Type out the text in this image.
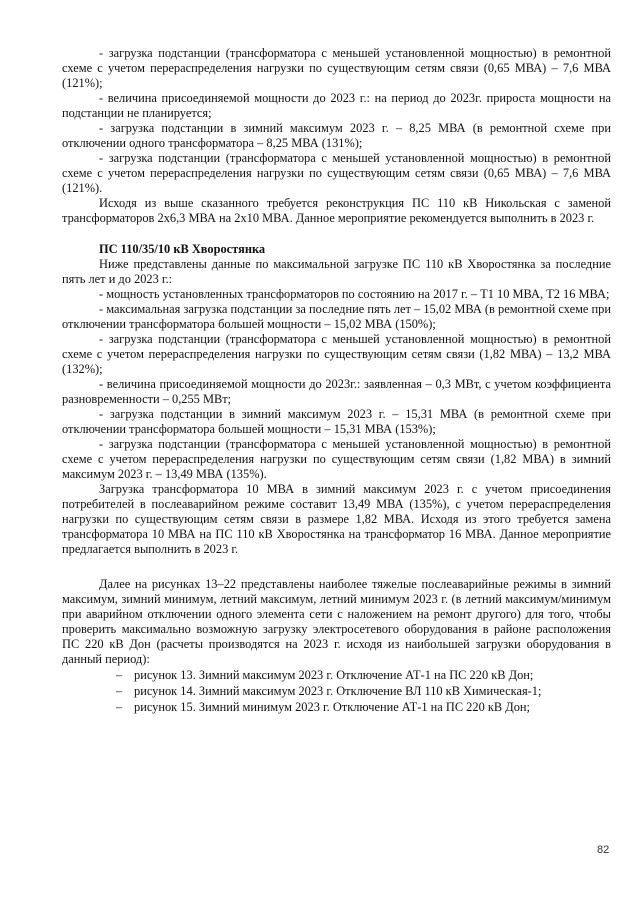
- загрузка подстанции (трансформатора с меньшей установленной мощностью) в ремонтной схеме с учетом перераспределения нагрузки по существующим сетям связи (0,65 МВА) – 7,6 МВА (121%);

- величина присоединяемой мощности до 2023 г.: на период до 2023г. прироста мощности на подстанции не планируется;

- загрузка подстанции в зимний максимум 2023 г. – 8,25 МВА (в ремонтной схеме при отключении одного трансформатора – 8,25 МВА (131%);

- загрузка подстанции (трансформатора с меньшей установленной мощностью) в ремонтной схеме с учетом перераспределения нагрузки по существующим сетям связи (0,65 МВА) – 7,6 МВА (121%).

Исходя из выше сказанного требуется реконструкция ПС 110 кВ Никольская с заменой трансформаторов 2х6,3 МВА на 2х10 МВА. Данное мероприятие рекомендуется выполнить в 2023 г.

ПС 110/35/10 кВ Хворостянка

Ниже представлены данные по максимальной загрузке ПС 110 кВ Хворостянка за последние пять лет и до 2023 г.:

- мощность установленных трансформаторов по состоянию на 2017 г. – Т1 10 МВА, Т2 16 МВА;

- максимальная загрузка подстанции за последние пять лет – 15,02 МВА (в ремонтной схеме при отключении трансформатора большей мощности – 15,02 МВА (150%);

- загрузка подстанции (трансформатора с меньшей установленной мощностью) в ремонтной схеме с учетом перераспределения нагрузки по существующим сетям связи (1,82 МВА) – 13,2 МВА (132%);

- величина присоединяемой мощности до 2023г.: заявленная – 0,3 МВт, с учетом коэффициента разновременности – 0,255 МВт;

- загрузка подстанции в зимний максимум 2023 г. – 15,31 МВА (в ремонтной схеме при отключении трансформатора большей мощности – 15,31 МВА (153%);

- загрузка подстанции (трансформатора с меньшей установленной мощностью) в ремонтной схеме с учетом перераспределения нагрузки по существующим сетям связи (1,82 МВА) в зимний максимум 2023 г. – 13,49 МВА (135%).

Загрузка трансформатора 10 МВА в зимний максимум 2023 г. с учетом присоединения потребителей в послеаварийном режиме составит 13,49 МВА (135%), с учетом перераспределения нагрузки по существующим сетям связи в размере 1,82 МВА. Исходя из этого требуется замена трансформатора 10 МВА на ПС 110 кВ Хворостянка на трансформатор 16 МВА. Данное мероприятие предлагается выполнить в 2023 г.

Далее на рисунках 13–22 представлены наиболее тяжелые послеаварийные режимы в зимний максимум, зимний минимум, летний максимум, летний минимум 2023 г. (в летний максимум/минимум при аварийном отключении одного элемента сети с наложением на ремонт другого) для того, чтобы проверить максимально возможную загрузку электросетевого оборудования в районе расположения ПС 220 кВ Дон (расчеты производятся на 2023 г. исходя из наибольшей загрузки оборудования в данный период):

– рисунок 13. Зимний максимум 2023 г. Отключение АТ-1 на ПС 220 кВ Дон;
– рисунок 14. Зимний максимум 2023 г. Отключение ВЛ 110 кВ Химическая-1;
– рисунок 15. Зимний минимум 2023 г. Отключение АТ-1 на ПС 220 кВ Дон;
82
